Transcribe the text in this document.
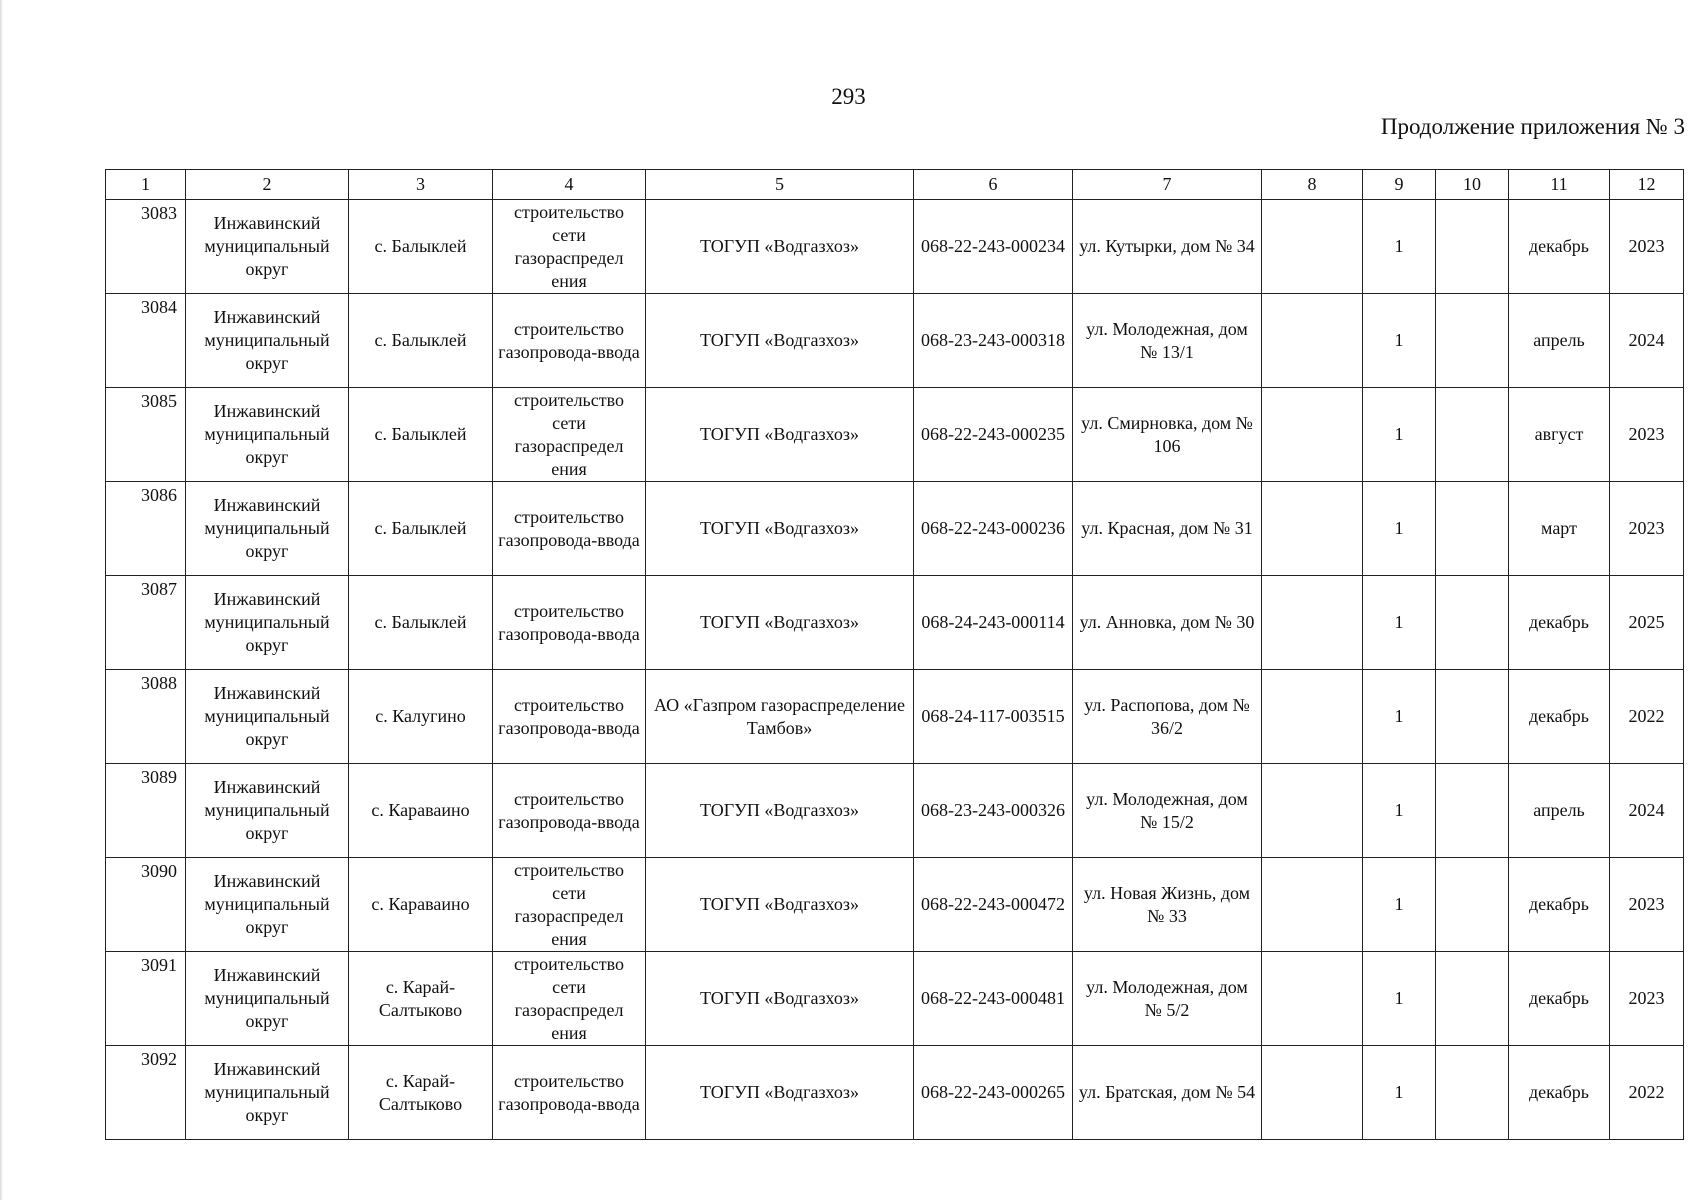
293
Продолжение приложения № 3
1	2	3	4	5	6	7	8	9	10	11	12
3083	Инжавинский муниципальный округ	с. Балыклей	строительство сети газораспредел ения	ТОГУП «Водгазхоз»	068-22-243-000234	ул. Кутырки, дом № 34		1		декабрь	2023
3084	Инжавинский муниципальный округ	с. Балыклей	строительство газопровода-ввода	ТОГУП «Водгазхоз»	068-23-243-000318	ул. Молодежная, дом № 13/1		1		апрель	2024
3085	Инжавинский муниципальный округ	с. Балыклей	строительство сети газораспредел ения	ТОГУП «Водгазхоз»	068-22-243-000235	ул. Смирновка, дом № 106		1		август	2023
3086	Инжавинский муниципальный округ	с. Балыклей	строительство газопровода-ввода	ТОГУП «Водгазхоз»	068-22-243-000236	ул. Красная, дом № 31		1		март	2023
3087	Инжавинский муниципальный округ	с. Балыклей	строительство газопровода-ввода	ТОГУП «Водгазхоз»	068-24-243-000114	ул. Анновка, дом № 30		1		декабрь	2025
3088	Инжавинский муниципальный округ	с. Калугино	строительство газопровода-ввода	АО «Газпром газораспределение Тамбов»	068-24-117-003515	ул. Распопова, дом № 36/2		1		декабрь	2022
3089	Инжавинский муниципальный округ	с. Караваино	строительство газопровода-ввода	ТОГУП «Водгазхоз»	068-23-243-000326	ул. Молодежная, дом № 15/2		1		апрель	2024
3090	Инжавинский муниципальный округ	с. Караваино	строительство сети газораспредел ения	ТОГУП «Водгазхоз»	068-22-243-000472	ул. Новая Жизнь, дом № 33		1		декабрь	2023
3091	Инжавинский муниципальный округ	с. Карай-Салтыково	строительство сети газораспредел ения	ТОГУП «Водгазхоз»	068-22-243-000481	ул. Молодежная, дом № 5/2		1		декабрь	2023
3092	Инжавинский муниципальный округ	с. Карай-Салтыково	строительство газопровода-ввода	ТОГУП «Водгазхоз»	068-22-243-000265	ул. Братская, дом № 54		1		декабрь	2022
